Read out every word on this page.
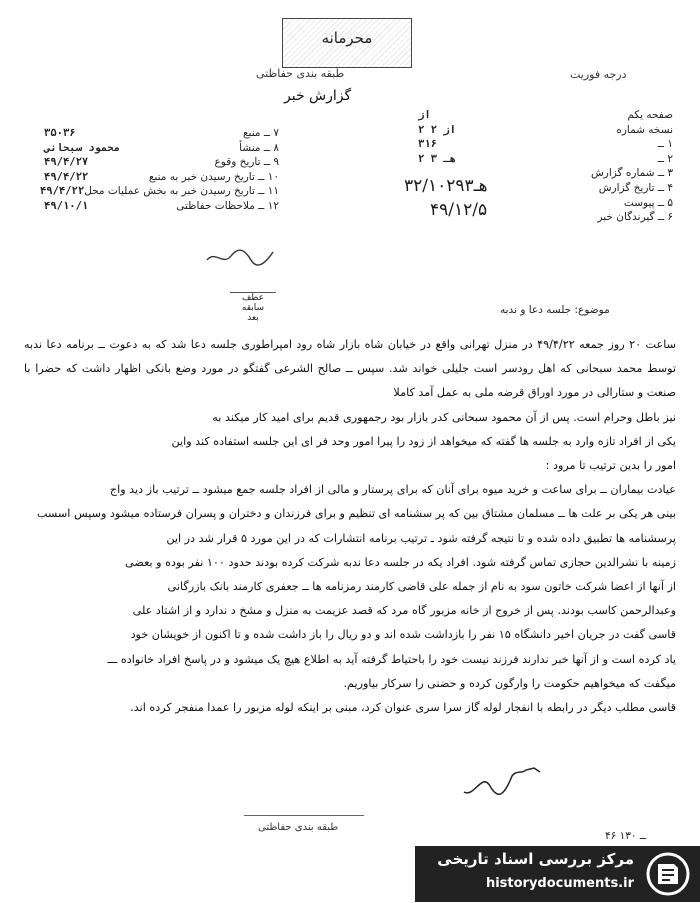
محرمانه
طبقه بندی حفاظتی	درجه فوریت
گزارش خبر
۷ ــ منبع
۳۵۰۳۶
۸ ــ منشأ
محمود سبحانی
۹ ــ تاریخ وقوع
۴۹/۴/۲۷
۱۰ ــ تاریخ رسیدن خبر به منبع
۴۹/۴/۲۲
۱۱ ــ تاریخ رسیدن خبر به بخش عملیات محل
۴۹/۴/۲۲
۱۲ ــ ملاحظات حفاظتی
۴۹/۱۰/۱
صفحه یکم
از
نسخه شماره
۲ از ۲
۱ ــ
۳۱۶
۲ ــ
۲ هـ ۳
۳ ــ شماره گزارش
۴ ــ تاریخ گزارش
۵ ــ پیوست
۶ ــ گیرندگان خبر
۳هـ۲/۱۰۲۹۳
۴۹/۱۲/۵
عطف
سابقه
بعد
موضوع: جلسه دعا و ندبه

ساعت ۲۰ روز جمعه ۴۹/۴/۲۲ در منزل تهرانی واقع در خیابان شاه بازار شاه رود امپراطوری جلسه دعا شد که به دعوت ــ برنامه دعا ندبه توسط محمد سبحانی که اهل رودسر است جلیلی خواند شد. سپس ــ صالح الشرعی گفتگو در مورد وضع بانکی اظهار داشت که حضرا با صنعت و ستارالی در مورد اوراق قرضه ملی به عمل آمد کاملا

نیز باطل وحرام است. پس از آن محمود سبحانی کدر بازار بود رجمهوری قدیم برای امید کار میکند به

یکی از افراد تازه وارد به جلسه ها گفته که میخواهد از زود را پیرا امور وحد فر ای این جلسه استفاده کند واین

امور را بدین ترتیب تا مرود :

عیادت بیماران ــ برای ساعت و خرید میوه برای آنان که برای پرستار و مالی از افراد جلسه جمع میشود ــ ترتیب باز دید واج

بینی هر یکی بر علت ها ــ مسلمان مشتاق بین که پر سشنامه ای تنظیم و برای فرزندان و دختران و پسران فرستاده میشود وسپس اسسب

پرسشنامه ها تطبیق داده شده و تا نتیجه گرفته شود ـ ترتیب برنامه انتشارات که در این مورد ۵ قرار شد در این

زمینه با نشرالدین حجازی تماس گرفته شود. افراد یکه در جلسه دعا ندبه شرکت کرده بودند حدود ۱۰۰ نفر بوده و بعضی

از آنها از اعضا شرکت خاتون سود به نام از جمله علی قاضی کارمند رمزنامه ها ــ جعفری کارمند بانک بازرگانی

وعبدالرحمن کاسب بودند. پس از خروج از خانه مزبور گاه مرد که قصد عزیمت به منزل و مشخ د ندارد و از اشتاد علی

قاسی گفت در جریان اخیر دانشگاه ۱۵ نفر را بازداشت شده اند و دو ریال را باز داشت شده و تا اکنون از خویشان خود

یاد کرده است و از آنها خبر ندارند فرزند نیست خود را باحتیاط گرفته آید به اطلاع هیچ یک میشود و در پاسخ افراد خانواده ـــ

میگفت که میخواهیم حکومت را وارگون کرده و حضنی را سرکار بیاوریم.

قاسی مطلب دیگر در رابطه با انفجار لوله گاز سرا سری عنوان کرد، مبنی بر اینکه لوله مزبور را عمدا منفجر کرده اند.

طبقه بندی حفاظتی
۴۶ ــ ۱۳۰
مرکز بررسی اسناد تاریخی
historydocuments.ir
